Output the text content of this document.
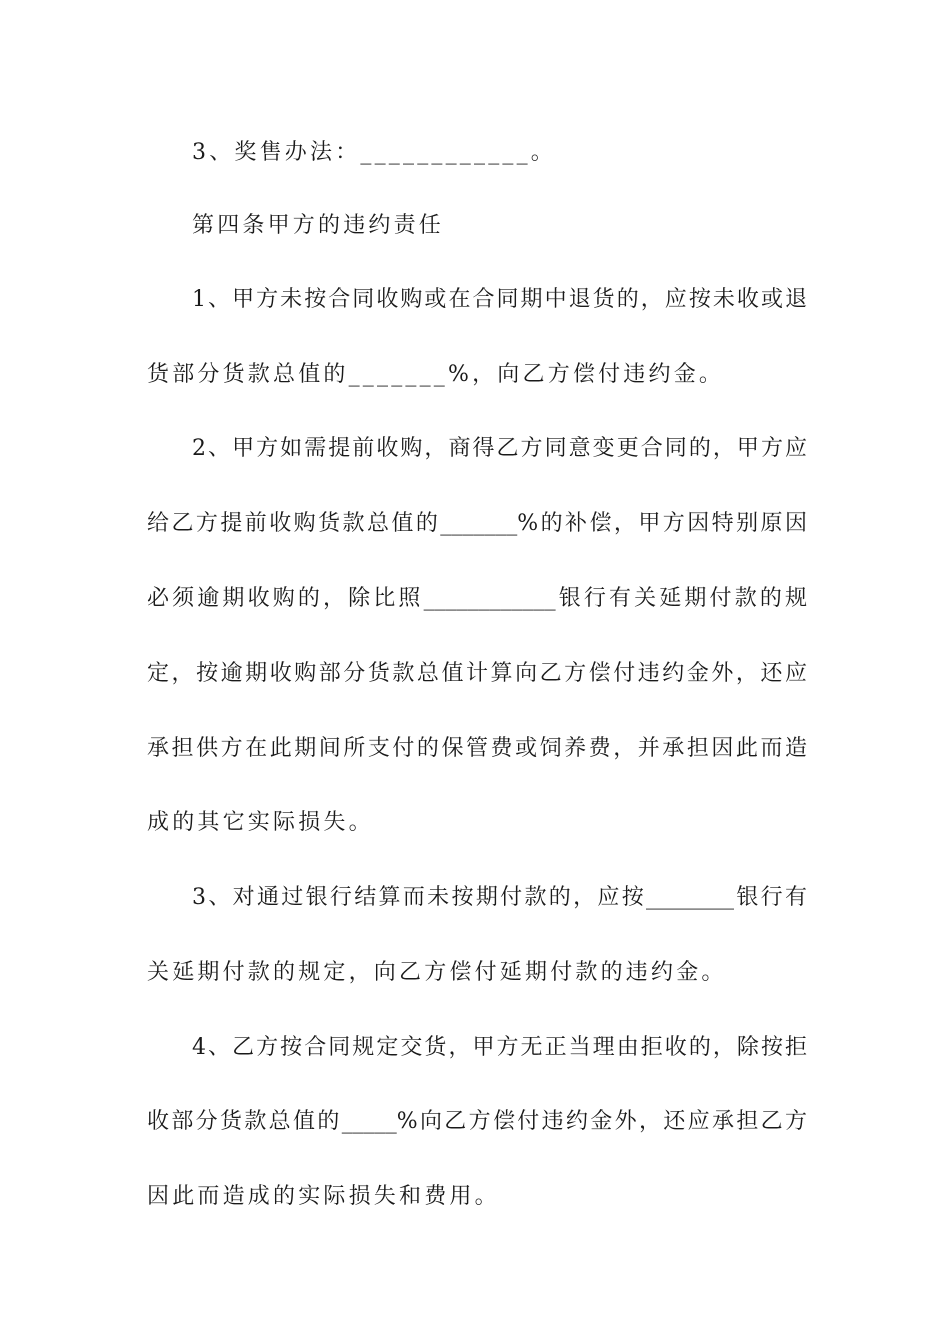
3、奖售办法：____________。
第四条甲方的违约责任
1、甲方未按合同收购或在合同期中退货的，应按未收或退
货部分货款总值的_______%，向乙方偿付违约金。
2、甲方如需提前收购，商得乙方同意变更合同的，甲方应
给乙方提前收购货款总值的_______%的补偿，甲方因特别原因
必须逾期收购的，除比照____________银行有关延期付款的规
定，按逾期收购部分货款总值计算向乙方偿付违约金外，还应
承担供方在此期间所支付的保管费或饲养费，并承担因此而造
成的其它实际损失。
3、对通过银行结算而未按期付款的，应按________银行有
关延期付款的规定，向乙方偿付延期付款的违约金。
4、乙方按合同规定交货，甲方无正当理由拒收的，除按拒
收部分货款总值的_____%向乙方偿付违约金外，还应承担乙方
因此而造成的实际损失和费用。
